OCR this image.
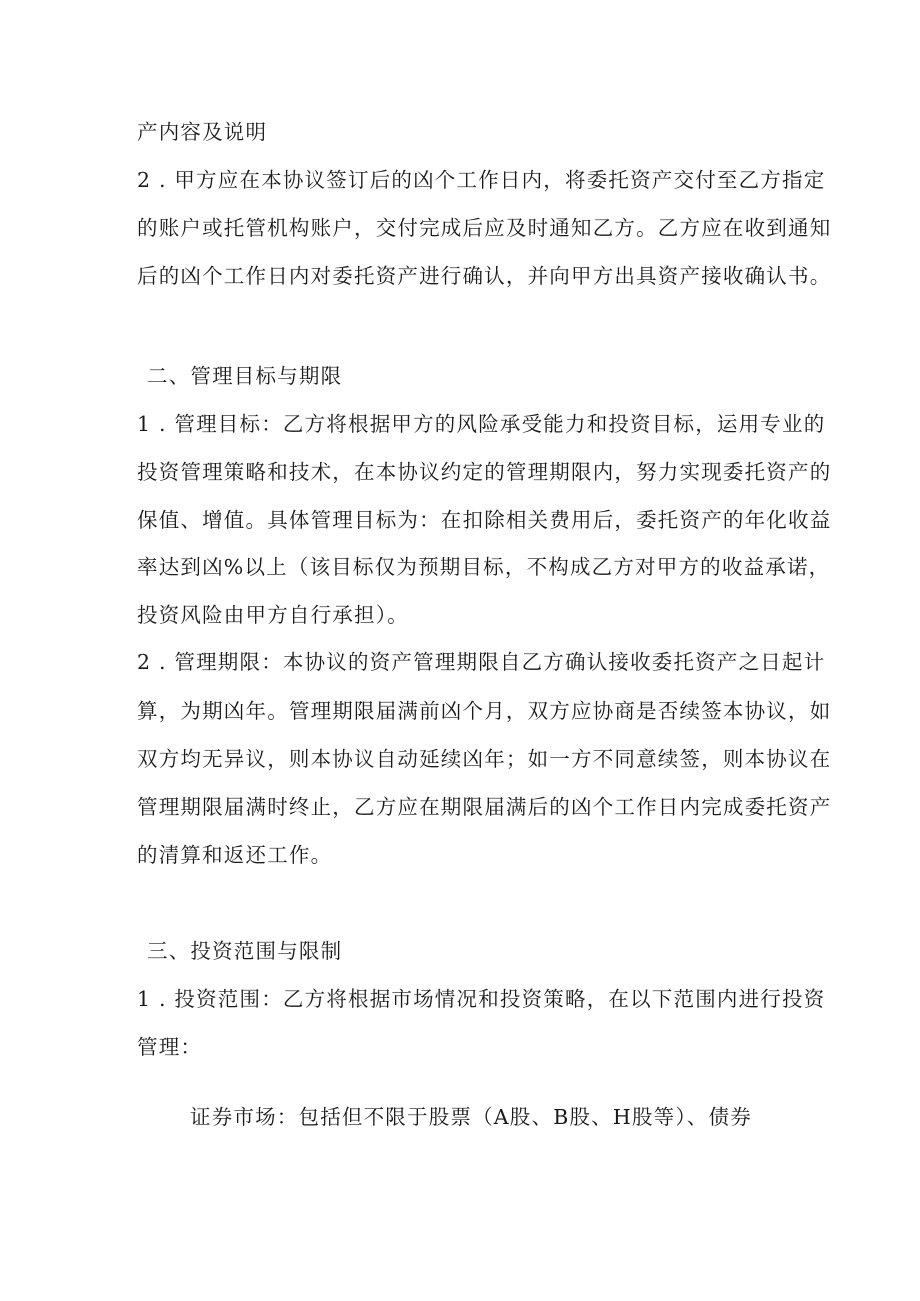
产内容及说明
2 . 甲方应在本协议签订后的凶个工作日内，将委托资产交付至乙方指定
的账户或托管机构账户，交付完成后应及时通知乙方。乙方应在收到通知
后的凶个工作日内对委托资产进行确认，并向甲方出具资产接收确认书。
二、管理目标与期限
1 . 管理目标：乙方将根据甲方的风险承受能力和投资目标，运用专业的
投资管理策略和技术，在本协议约定的管理期限内，努力实现委托资产的
保值、增值。具体管理目标为：在扣除相关费用后，委托资产的年化收益
率达到凶%以上（该目标仅为预期目标，不构成乙方对甲方的收益承诺，
投资风险由甲方自行承担）。
2 . 管理期限：本协议的资产管理期限自乙方确认接收委托资产之日起计
算，为期凶年。管理期限届满前凶个月，双方应协商是否续签本协议，如
双方均无异议，则本协议自动延续凶年；如一方不同意续签，则本协议在
管理期限届满时终止，乙方应在期限届满后的凶个工作日内完成委托资产
的清算和返还工作。
三、投资范围与限制
1 . 投资范围：乙方将根据市场情况和投资策略，在以下范围内进行投资
管理：
证券市场：包括但不限于股票（A股、B股、H股等）、债券
